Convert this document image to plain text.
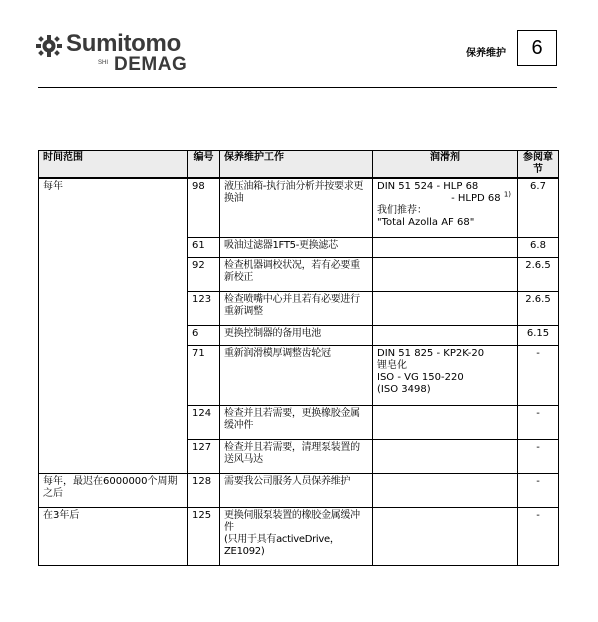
Sumitomo
SHI DEMAG
保养维护	6
时间范围	编号	保养维护工作	润滑剂	参阅章节
每年	98	液压油箱-执行油分析并按要求更换油	DIN 51 524 - HLP 68
- HLPD 68 $^{1)}$
我们推荐：
"Total Azolla AF 68"	6.7
	61	吸油过滤器1FT5-更换滤芯		6.8
	92	检查机器调校状况，若有必要重新校正		2.6.5
	123	检查喷嘴中心并且若有必要进行重新调整		2.6.5
	6	更换控制器的备用电池		6.15
	71	重新润滑模厚调整齿轮冠	DIN 51 825 - KP2K-20
锂皂化
ISO - VG 150-220
(ISO 3498)	-
	124	检查并且若需要，更换橡胶金属缓冲件		-
	127	检查并且若需要，清理泵装置的送风马达		-
每年，最迟在6000000个周期之后	128	需要我公司服务人员保养维护		-
在3年后	125	更换伺服泵装置的橡胶金属缓冲件
(只用于具有activeDrive，ZE1092)		-
